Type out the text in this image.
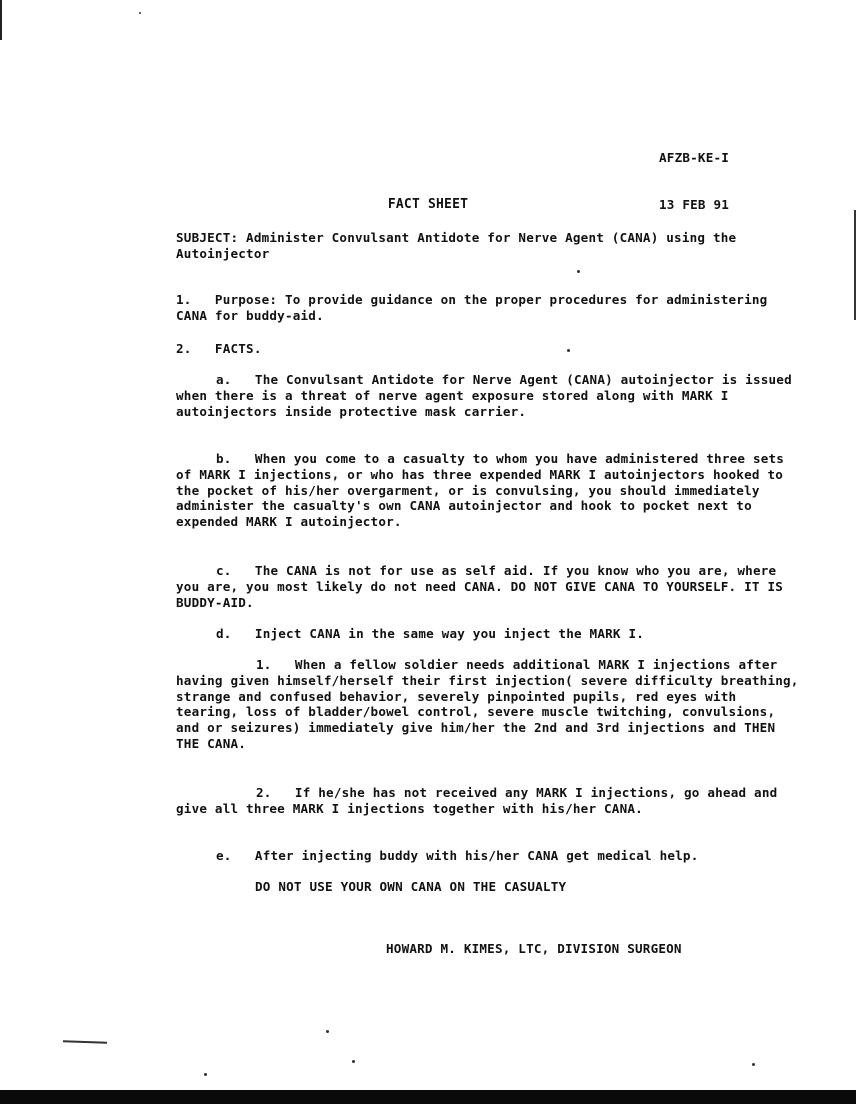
AFZB-KE-I

13 FEB 91

FACT SHEET
SUBJECT: Administer Convulsant Antidote for Nerve Agent (CANA) using the Autoinjector
1.   Purpose: To provide guidance on the proper procedures for administering CANA for buddy-aid.
2.   FACTS.
a.   The Convulsant Antidote for Nerve Agent (CANA) autoinjector is issued when there is a threat of nerve agent exposure stored along with MARK I autoinjectors inside protective mask carrier.
b.   When you come to a casualty to whom you have administered three sets of MARK I injections, or who has three expended MARK I autoinjectors hooked to the pocket of his/her overgarment, or is convulsing, you should immediately administer the casualty's own CANA autoinjector and hook to pocket next to expended MARK I autoinjector.
c.   The CANA is not for use as self aid. If you know who you are, where you are, you most likely do not need CANA. DO NOT GIVE CANA TO YOURSELF. IT IS BUDDY-AID.
d.   Inject CANA in the same way you inject the MARK I.
1.   When a fellow soldier needs additional MARK I injections after having given himself/herself their first injection( severe difficulty breathing, strange and confused behavior, severely pinpointed pupils, red eyes with tearing, loss of bladder/bowel control, severe muscle twitching, convulsions, and or seizures) immediately give him/her the 2nd and 3rd injections and THEN THE CANA.
2.   If he/she has not received any MARK I injections, go ahead and give all three MARK I injections together with his/her CANA.
e.   After injecting buddy with his/her CANA get medical help.
DO NOT USE YOUR OWN CANA ON THE CASUALTY
HOWARD M. KIMES, LTC, DIVISION SURGEON
